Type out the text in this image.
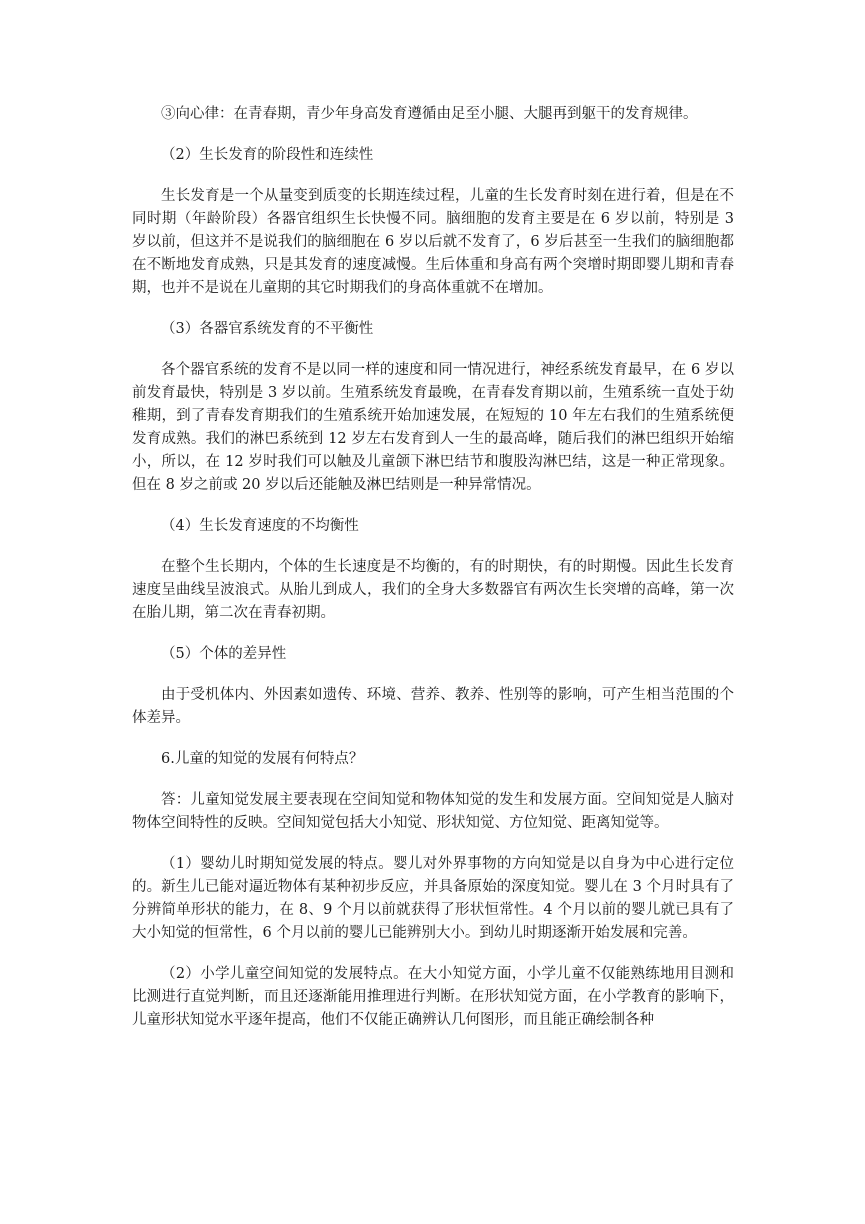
③向心律：在青春期，青少年身高发育遵循由足至小腿、大腿再到躯干的发育规律。

（2）生长发育的阶段性和连续性

生长发育是一个从量变到质变的长期连续过程，儿童的生长发育时刻在进行着，但是在不同时期（年龄阶段）各器官组织生长快慢不同。脑细胞的发育主要是在 6 岁以前，特别是 3 岁以前，但这并不是说我们的脑细胞在 6 岁以后就不发育了，6 岁后甚至一生我们的脑细胞都在不断地发育成熟，只是其发育的速度减慢。生后体重和身高有两个突增时期即婴儿期和青春期，也并不是说在儿童期的其它时期我们的身高体重就不在增加。

（3）各器官系统发育的不平衡性

各个器官系统的发育不是以同一样的速度和同一情况进行，神经系统发育最早，在 6 岁以前发育最快，特别是 3 岁以前。生殖系统发育最晚，在青春发育期以前，生殖系统一直处于幼稚期，到了青春发育期我们的生殖系统开始加速发展，在短短的 10 年左右我们的生殖系统便发育成熟。我们的淋巴系统到 12 岁左右发育到人一生的最高峰，随后我们的淋巴组织开始缩小，所以，在 12 岁时我们可以触及儿童颌下淋巴结节和腹股沟淋巴结，这是一种正常现象。但在 8 岁之前或 20 岁以后还能触及淋巴结则是一种异常情况。

（4）生长发育速度的不均衡性

在整个生长期内，个体的生长速度是不均衡的，有的时期快，有的时期慢。因此生长发育速度呈曲线呈波浪式。从胎儿到成人，我们的全身大多数器官有两次生长突增的高峰，第一次在胎儿期，第二次在青春初期。

（5）个体的差异性

由于受机体内、外因素如遗传、环境、营养、教养、性别等的影响，可产生相当范围的个体差异。

6.儿童的知觉的发展有何特点？

答：儿童知觉发展主要表现在空间知觉和物体知觉的发生和发展方面。空间知觉是人脑对物体空间特性的反映。空间知觉包括大小知觉、形状知觉、方位知觉、距离知觉等。

（1）婴幼儿时期知觉发展的特点。婴儿对外界事物的方向知觉是以自身为中心进行定位的。新生儿已能对逼近物体有某种初步反应，并具备原始的深度知觉。婴儿在 3 个月时具有了分辨简单形状的能力，在 8、9 个月以前就获得了形状恒常性。4 个月以前的婴儿就已具有了大小知觉的恒常性，6 个月以前的婴儿已能辨别大小。到幼儿时期逐渐开始发展和完善。

（2）小学儿童空间知觉的发展特点。在大小知觉方面，小学儿童不仅能熟练地用目测和比测进行直觉判断，而且还逐渐能用推理进行判断。在形状知觉方面，在小学教育的影响下，儿童形状知觉水平逐年提高，他们不仅能正确辨认几何图形，而且能正确绘制各种
